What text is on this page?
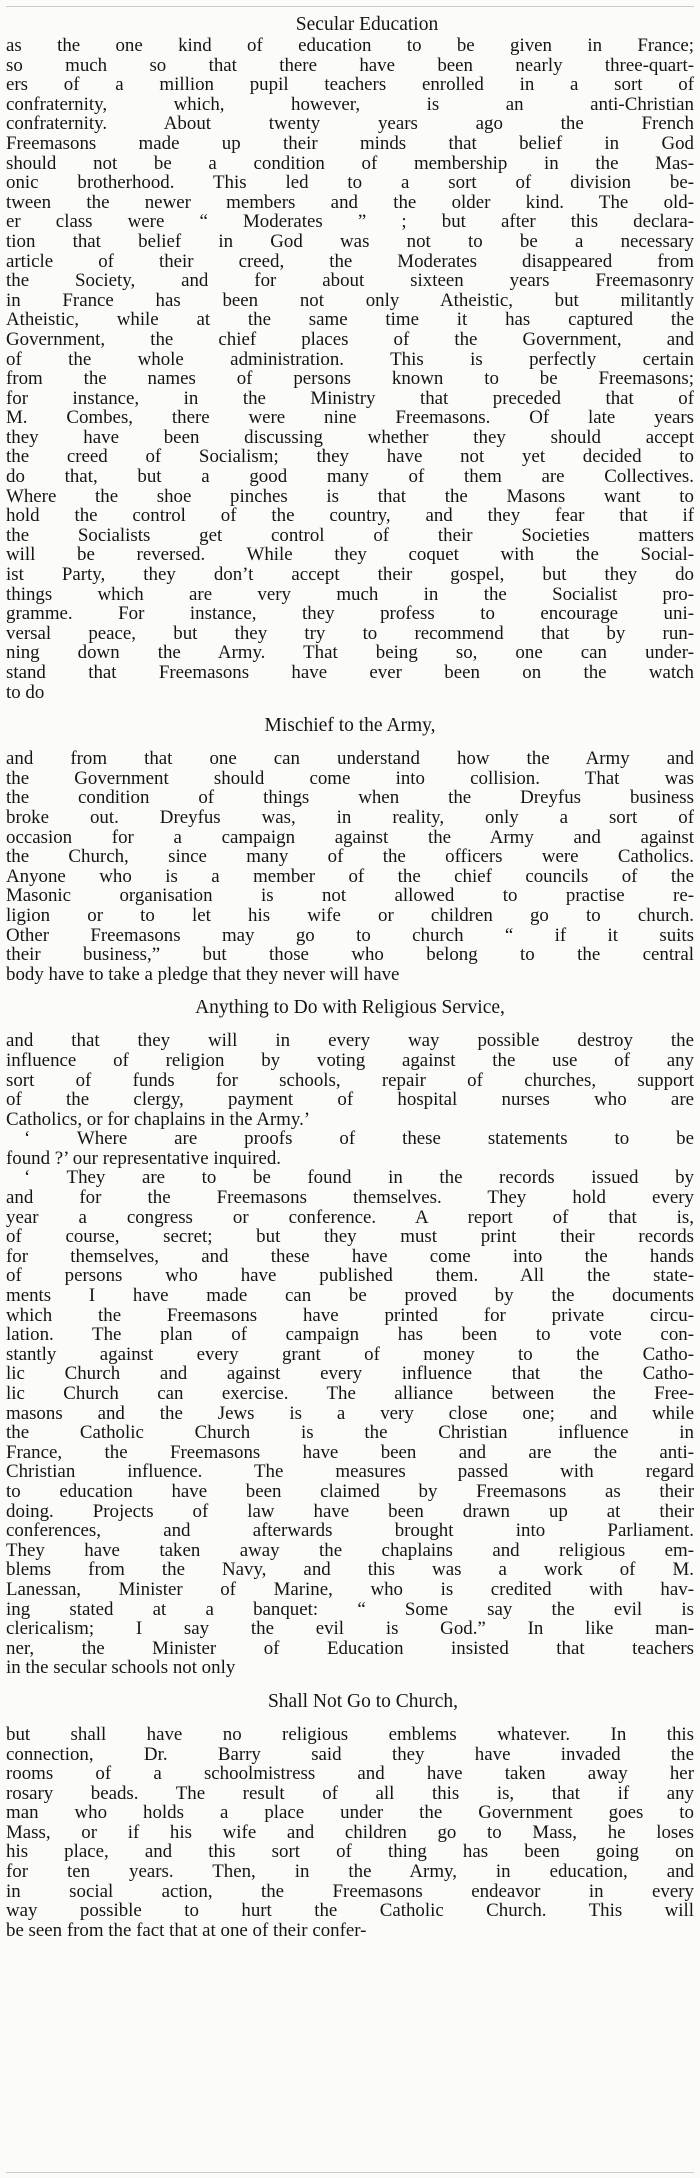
Secular Education
as the one kind of education to be given in France;
so much so that there have been nearly three-quart-
ers of a million pupil teachers enrolled in a sort of
confraternity, which, however, is an anti-Christian
confraternity. About twenty years ago the French
Freemasons made up their minds that belief in God
should not be a condition of membership in the Mas-
onic brotherhood. This led to a sort of division be-
tween the newer members and the older kind. The old-
er class were “ Moderates ” ; but after this declara-
tion that belief in God was not to be a necessary
article of their creed, the Moderates disappeared from
the Society, and for about sixteen years Freemasonry
in France has been not only Atheistic, but militantly
Atheistic, while at the same time it has captured the
Government, the chief places of the Government, and
of the whole administration. This is perfectly certain
from the names of persons known to be Freemasons;
for instance, in the Ministry that preceded that of
M. Combes, there were nine Freemasons. Of late years
they have been discussing whether they should accept
the creed of Socialism; they have not yet decided to
do that, but a good many of them are Collectives.
Where the shoe pinches is that the Masons want to
hold the control of the country, and they fear that if
the Socialists get control of their Societies matters
will be reversed. While they coquet with the Social-
ist Party, they don’t accept their gospel, but they do
things which are very much in the Socialist pro-
gramme. For instance, they profess to encourage uni-
versal peace, but they try to recommend that by run-
ning down the Army. That being so, one can under-
stand that Freemasons have ever been on the watch
to do
Mischief to the Army,
and from that one can understand how the Army and
the Government should come into collision. That was
the condition of things when the Dreyfus business
broke out. Dreyfus was, in reality, only a sort of
occasion for a campaign against the Army and against
the Church, since many of the officers were Catholics.
Anyone who is a member of the chief councils of the
Masonic organisation is not allowed to practise re-
ligion or to let his wife or children go to church.
Other Freemasons may go to church “ if it suits
their business,” but those who belong to the central
body have to take a pledge that they never will have
Anything to Do with Religious Service,
and that they will in every way possible destroy the
influence of religion by voting against the use of any
sort of funds for schools, repair of churches, support
of the clergy, payment of hospital nurses who are
Catholics, or for chaplains in the Army.’
‘ Where are proofs of these statements to be
found ?’ our representative inquired.
‘ They are to be found in the records issued by
and for the Freemasons themselves. They hold every
year a congress or conference. A report of that is,
of course, secret; but they must print their records
for themselves, and these have come into the hands
of persons who have published them. All the state-
ments I have made can be proved by the documents
which the Freemasons have printed for private circu-
lation. The plan of campaign has been to vote con-
stantly against every grant of money to the Catho-
lic Church and against every influence that the Catho-
lic Church can exercise. The alliance between the Free-
masons and the Jews is a very close one; and while
the Catholic Church is the Christian influence in
France, the Freemasons have been and are the anti-
Christian influence. The measures passed with regard
to education have been claimed by Freemasons as their
doing. Projects of law have been drawn up at their
conferences, and afterwards brought into Parliament.
They have taken away the chaplains and religious em-
blems from the Navy, and this was a work of M.
Lanessan, Minister of Marine, who is credited with hav-
ing stated at a banquet: “ Some say the evil is
clericalism; I say the evil is God.” In like man-
ner, the Minister of Education insisted that teachers
in the secular schools not only
Shall Not Go to Church,
but shall have no religious emblems whatever. In this
connection, Dr. Barry said they have invaded the
rooms of a schoolmistress and have taken away her
rosary beads. The result of all this is, that if any
man who holds a place under the Government goes to
Mass, or if his wife and children go to Mass, he loses
his place, and this sort of thing has been going on
for ten years. Then, in the Army, in education, and
in social action, the Freemasons endeavor in every
way possible to hurt the Catholic Church. This will
be seen from the fact that at one of their confer-
